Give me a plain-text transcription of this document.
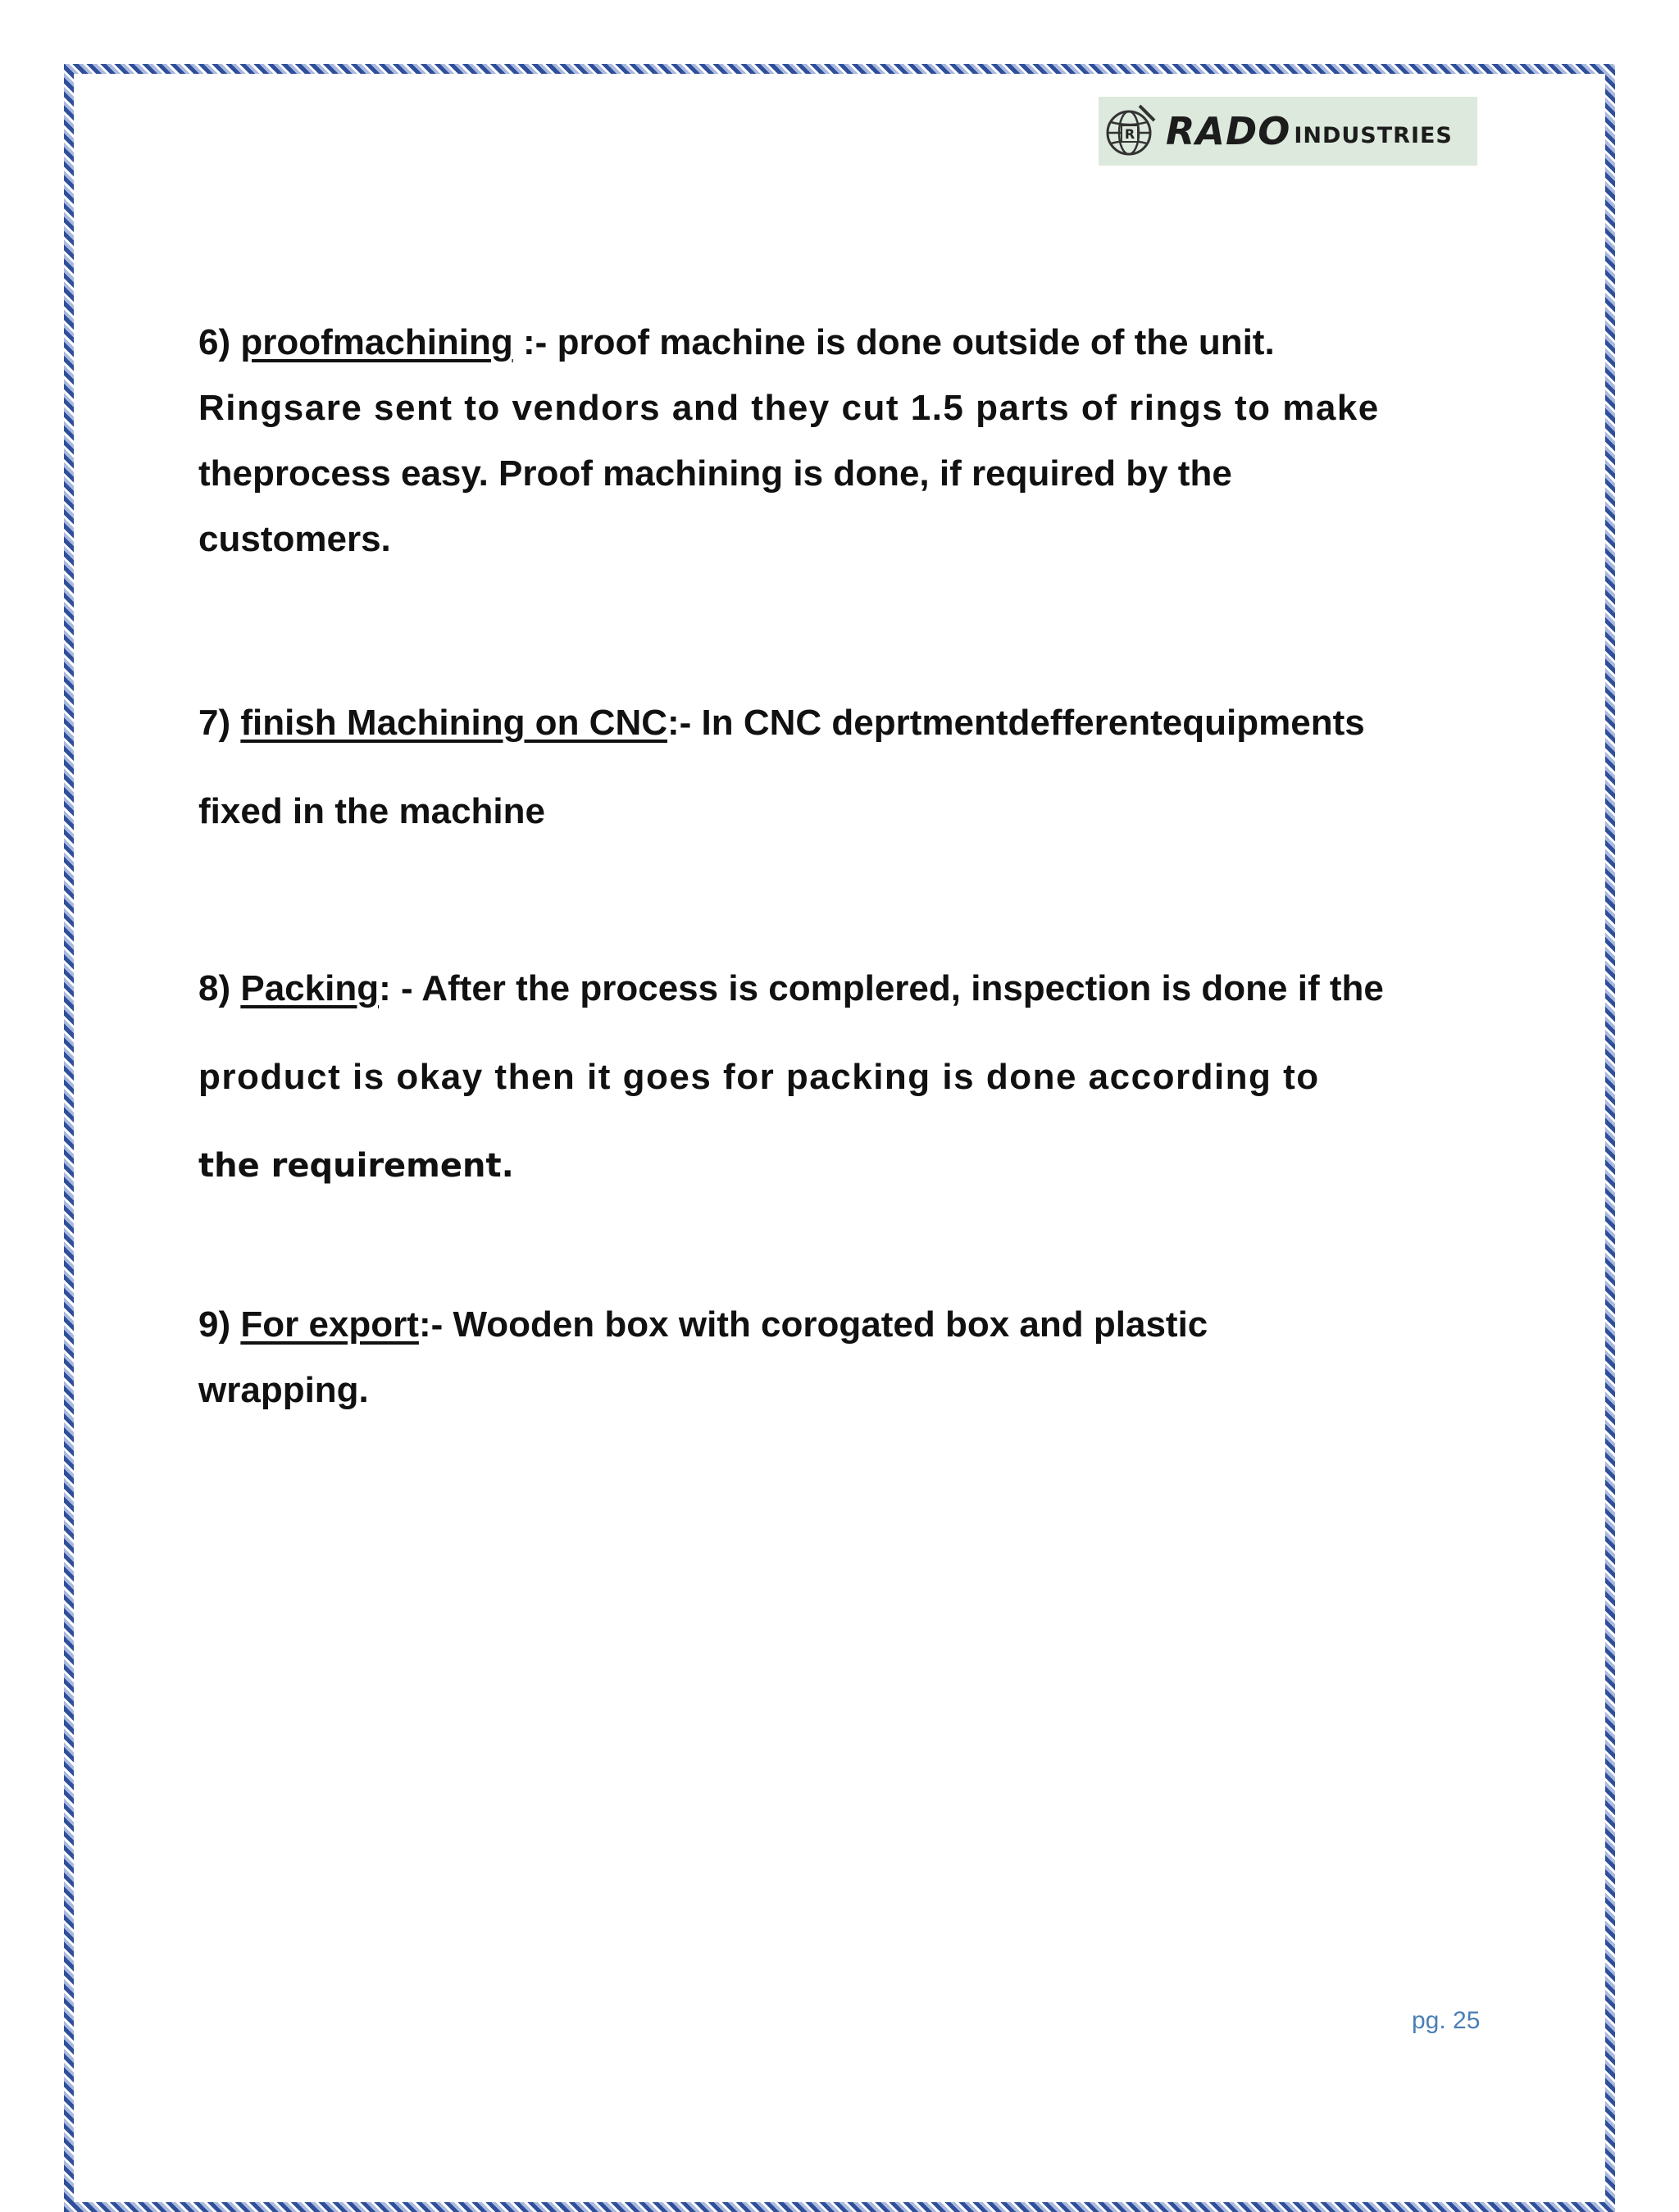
R RADO INDUSTRIES
6) proofmachining :- proof machine is done outside of the unit.
Ringsare sent to vendors and they cut 1.5 parts of rings to make
theprocess easy. Proof machining is done, if required by the
customers.
7) finish Machining on CNC:- In CNC deprtmentdefferentequipments
fixed in the machine
8) Packing: - After the process is complered, inspection is done if the
product is okay then it goes for packing is done according to
the requirement.
9) For export:- Wooden box with corogated box and plastic
wrapping.
pg. 25
